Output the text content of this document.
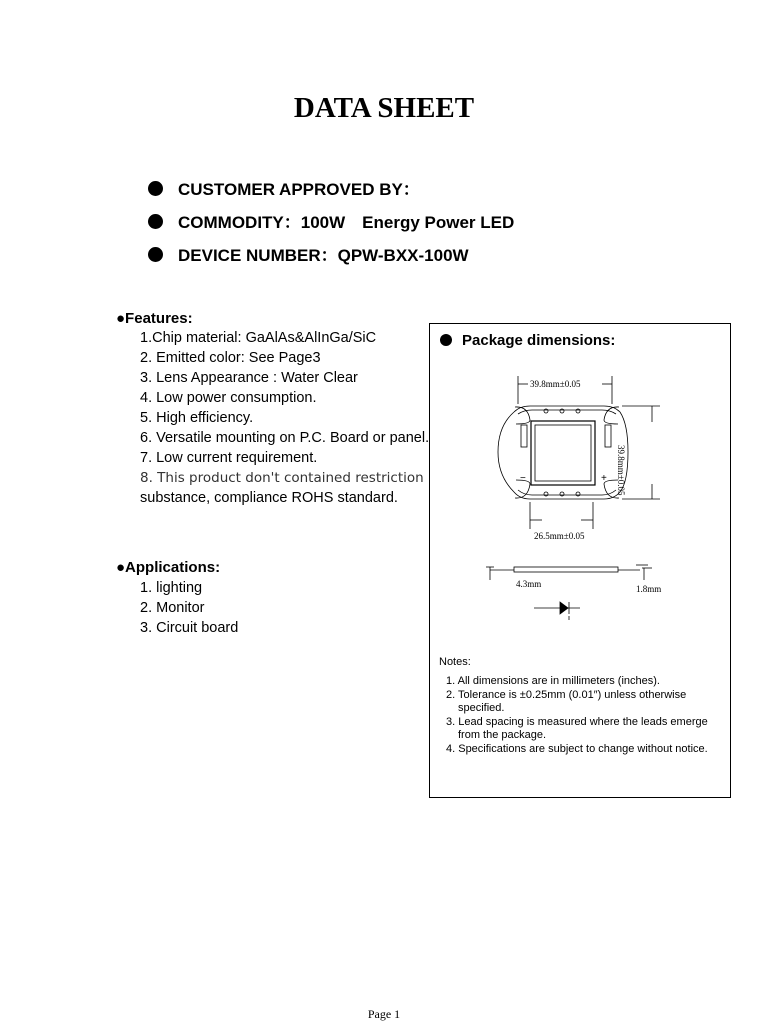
DATA SHEET
CUSTOMER APPROVED BY：
COMMODITY：100W　Energy Power LED
DEVICE NUMBER：QPW-BXX-100W
●Features:
1.Chip material: GaAlAs&AlInGa/SiC
2. Emitted color: See Page3
3. Lens Appearance : Water Clear
4. Low power consumption.
5. High efficiency.
6. Versatile mounting on P.C. Board or panel.
7. Low current requirement.
8. This product don't contained restriction
substance, compliance ROHS standard.
●Applications:
1. lighting
2. Monitor
3. Circuit board
Package dimensions:
39.8mm±0.05
39.8mm±0.05
26.5mm±0.05
4.3mm	1.8mm
−	+
Notes:
1. All dimensions are in millimeters (inches).
2. Tolerance is ±0.25mm (0.01″) unless otherwise
specified.
3. Lead spacing is measured where the leads emerge
from the package.
4. Specifications are subject to change without notice.
Page 1
